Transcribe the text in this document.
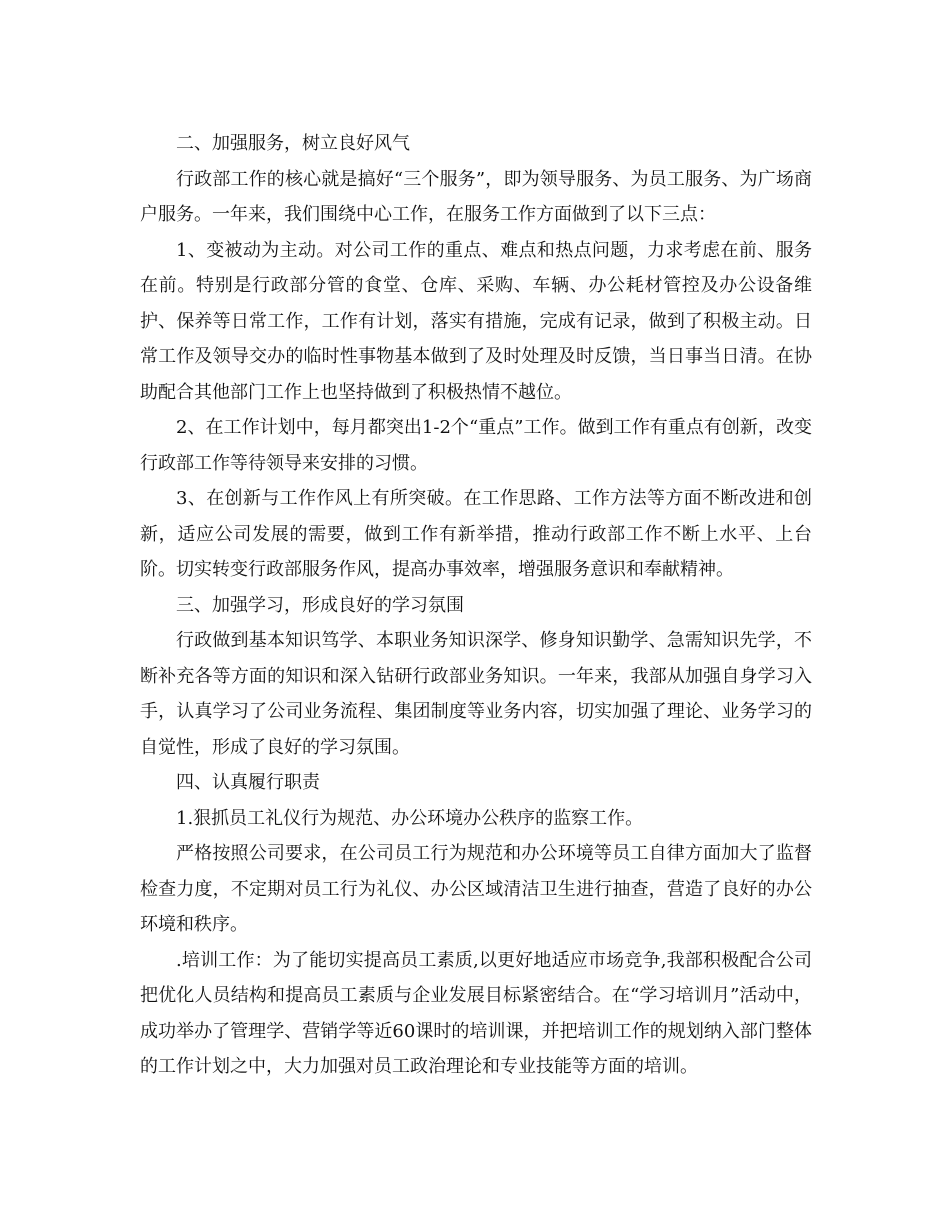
二、加强服务，树立良好风气

行政部工作的核心就是搞好“三个服务”，即为领导服务、为员工服务、为广场商户服务。一年来，我们围绕中心工作，在服务工作方面做到了以下三点：

1、变被动为主动。对公司工作的重点、难点和热点问题，力求考虑在前、服务在前。特别是行政部分管的食堂、仓库、采购、车辆、办公耗材管控及办公设备维护、保养等日常工作，工作有计划，落实有措施，完成有记录，做到了积极主动。日常工作及领导交办的临时性事物基本做到了及时处理及时反馈，当日事当日清。在协助配合其他部门工作上也坚持做到了积极热情不越位。

2、在工作计划中，每月都突出1-2个“重点”工作。做到工作有重点有创新，改变行政部工作等待领导来安排的习惯。

3、在创新与工作作风上有所突破。在工作思路、工作方法等方面不断改进和创新，适应公司发展的需要，做到工作有新举措，推动行政部工作不断上水平、上台阶。切实转变行政部服务作风，提高办事效率，增强服务意识和奉献精神。

三、加强学习，形成良好的学习氛围

行政做到基本知识笃学、本职业务知识深学、修身知识勤学、急需知识先学，不断补充各等方面的知识和深入钻研行政部业务知识。一年来，我部从加强自身学习入手，认真学习了公司业务流程、集团制度等业务内容，切实加强了理论、业务学习的自觉性，形成了良好的学习氛围。

四、认真履行职责

1.狠抓员工礼仪行为规范、办公环境办公秩序的监察工作。

严格按照公司要求，在公司员工行为规范和办公环境等员工自律方面加大了监督检查力度，不定期对员工行为礼仪、办公区域清洁卫生进行抽查，营造了良好的办公环境和秩序。

.培训工作：为了能切实提高员工素质,以更好地适应市场竞争,我部积极配合公司把优化人员结构和提高员工素质与企业发展目标紧密结合。在“学习培训月”活动中，成功举办了管理学、营销学等近60课时的培训课，并把培训工作的规划纳入部门整体的工作计划之中，大力加强对员工政治理论和专业技能等方面的培训。
